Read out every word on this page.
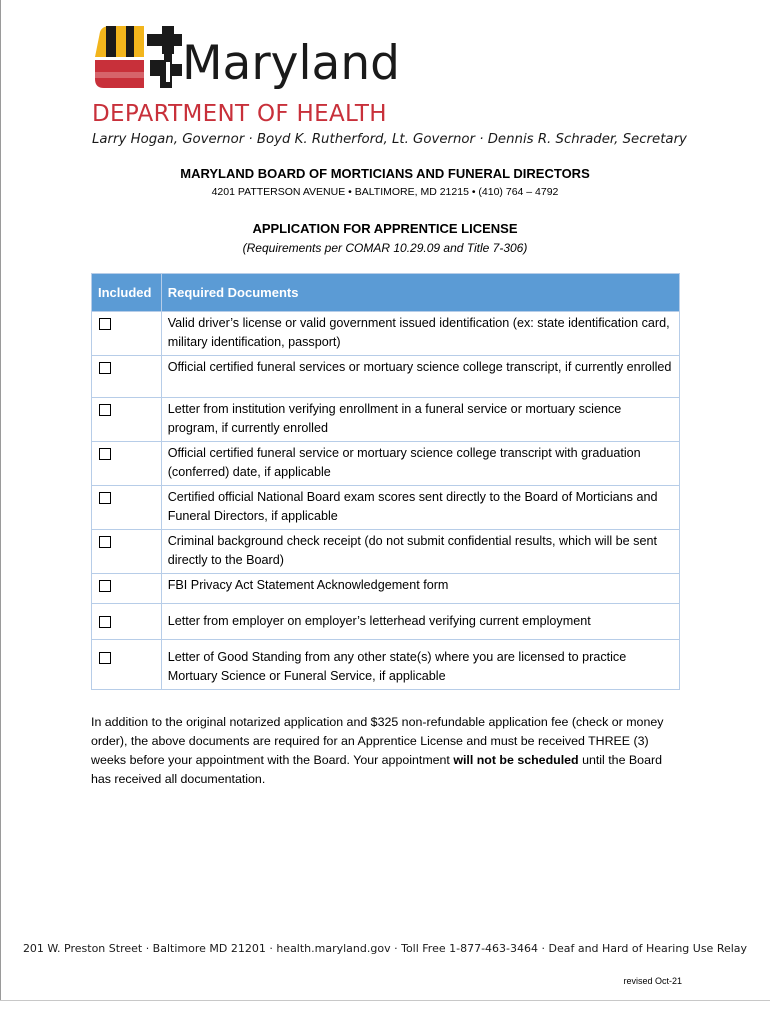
Maryland
DEPARTMENT OF HEALTH
Larry Hogan, Governor · Boyd K. Rutherford, Lt. Governor · Dennis R. Schrader, Secretary
MARYLAND BOARD OF MORTICIANS AND FUNERAL DIRECTORS
4201 PATTERSON AVENUE • BALTIMORE, MD 21215 • (410) 764 – 4792
APPLICATION FOR APPRENTICE LICENSE
(Requirements per COMAR 10.29.09 and Title 7-306)
Included	Required Documents
	Valid driver’s license or valid government issued identification (ex: state identification card, military identification, passport)
	Official certified funeral services or mortuary science college transcript, if currently enrolled
	Letter from institution verifying enrollment in a funeral service or mortuary science program, if currently enrolled
	Official certified funeral service or mortuary science college transcript with graduation (conferred) date, if applicable
	Certified official National Board exam scores sent directly to the Board of Morticians and Funeral Directors, if applicable
	Criminal background check receipt (do not submit confidential results, which will be sent directly to the Board)
	FBI Privacy Act Statement Acknowledgement form
	Letter from employer on employer’s letterhead verifying current employment
	Letter of Good Standing from any other state(s) where you are licensed to practice Mortuary Science or Funeral Service, if applicable
In addition to the original notarized application and $325 non-refundable application fee (check or money order), the above documents are required for an Apprentice License and must be received THREE (3) weeks before your appointment with the Board. Your appointment will not be scheduled until the Board has received all documentation.
201 W. Preston Street · Baltimore MD 21201 · health.maryland.gov · Toll Free 1-877-463-3464 · Deaf and Hard of Hearing Use Relay
revised Oct-21
